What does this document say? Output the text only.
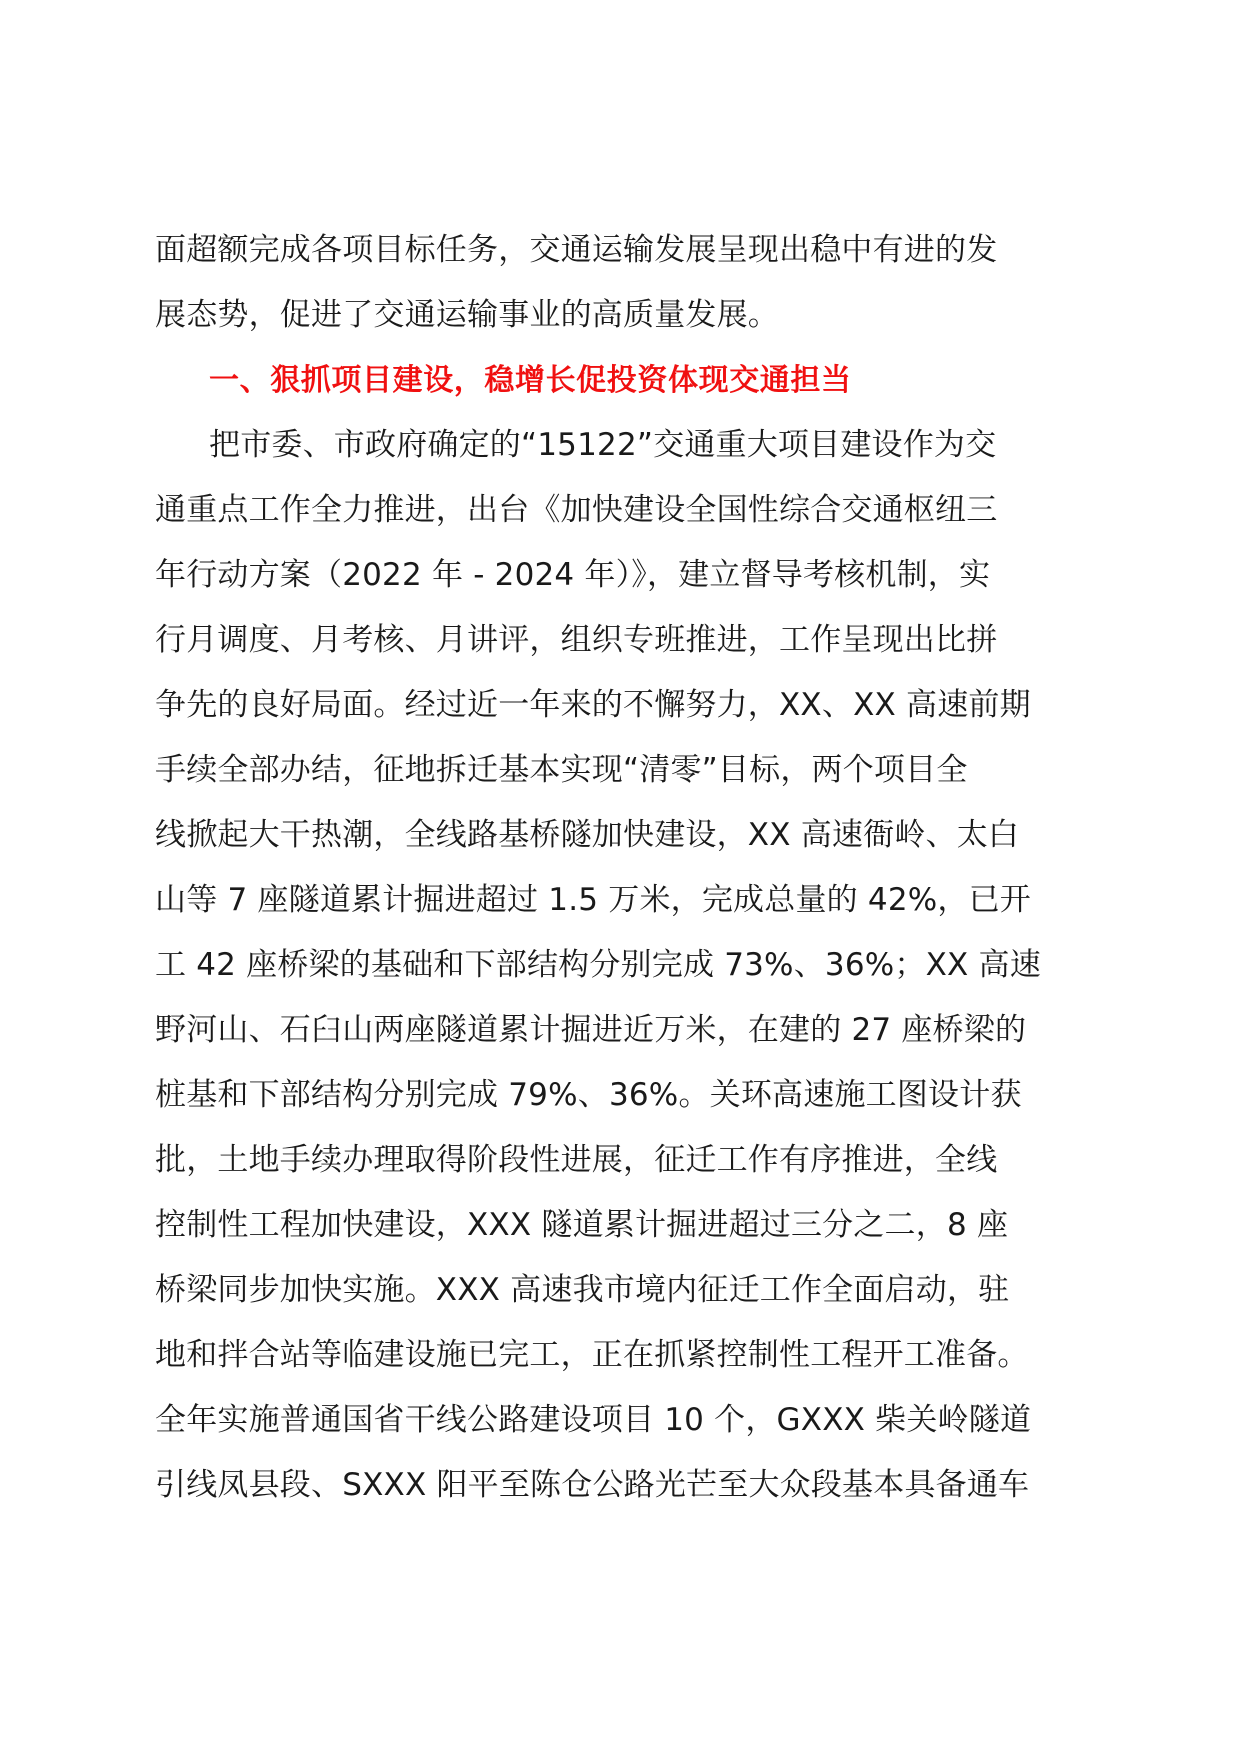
面超额完成各项目标任务，交通运输发展呈现出稳中有进的发
展态势，促进了交通运输事业的高质量发展。
一、狠抓项目建设，稳增长促投资体现交通担当
把市委、市政府确定的“15122”交通重大项目建设作为交
通重点工作全力推进，出台《加快建设全国性综合交通枢纽三
年行动方案（2022 年 - 2024 年）》，建立督导考核机制，实
行月调度、月考核、月讲评，组织专班推进，工作呈现出比拼
争先的良好局面。经过近一年来的不懈努力，XX、XX 高速前期
手续全部办结，征地拆迁基本实现“清零”目标，两个项目全
线掀起大干热潮，全线路基桥隧加快建设，XX 高速衙岭、太白
山等 7 座隧道累计掘进超过 1.5 万米，完成总量的 42%，已开
工 42 座桥梁的基础和下部结构分别完成 73%、36%；XX 高速
野河山、石臼山两座隧道累计掘进近万米，在建的 27 座桥梁的
桩基和下部结构分别完成 79%、36%。关环高速施工图设计获
批，土地手续办理取得阶段性进展，征迁工作有序推进，全线
控制性工程加快建设，XXX 隧道累计掘进超过三分之二，8 座
桥梁同步加快实施。XXX 高速我市境内征迁工作全面启动，驻
地和拌合站等临建设施已完工，正在抓紧控制性工程开工准备。
全年实施普通国省干线公路建设项目 10 个，GXXX 柴关岭隧道
引线凤县段、SXXX 阳平至陈仓公路光芒至大众段基本具备通车
